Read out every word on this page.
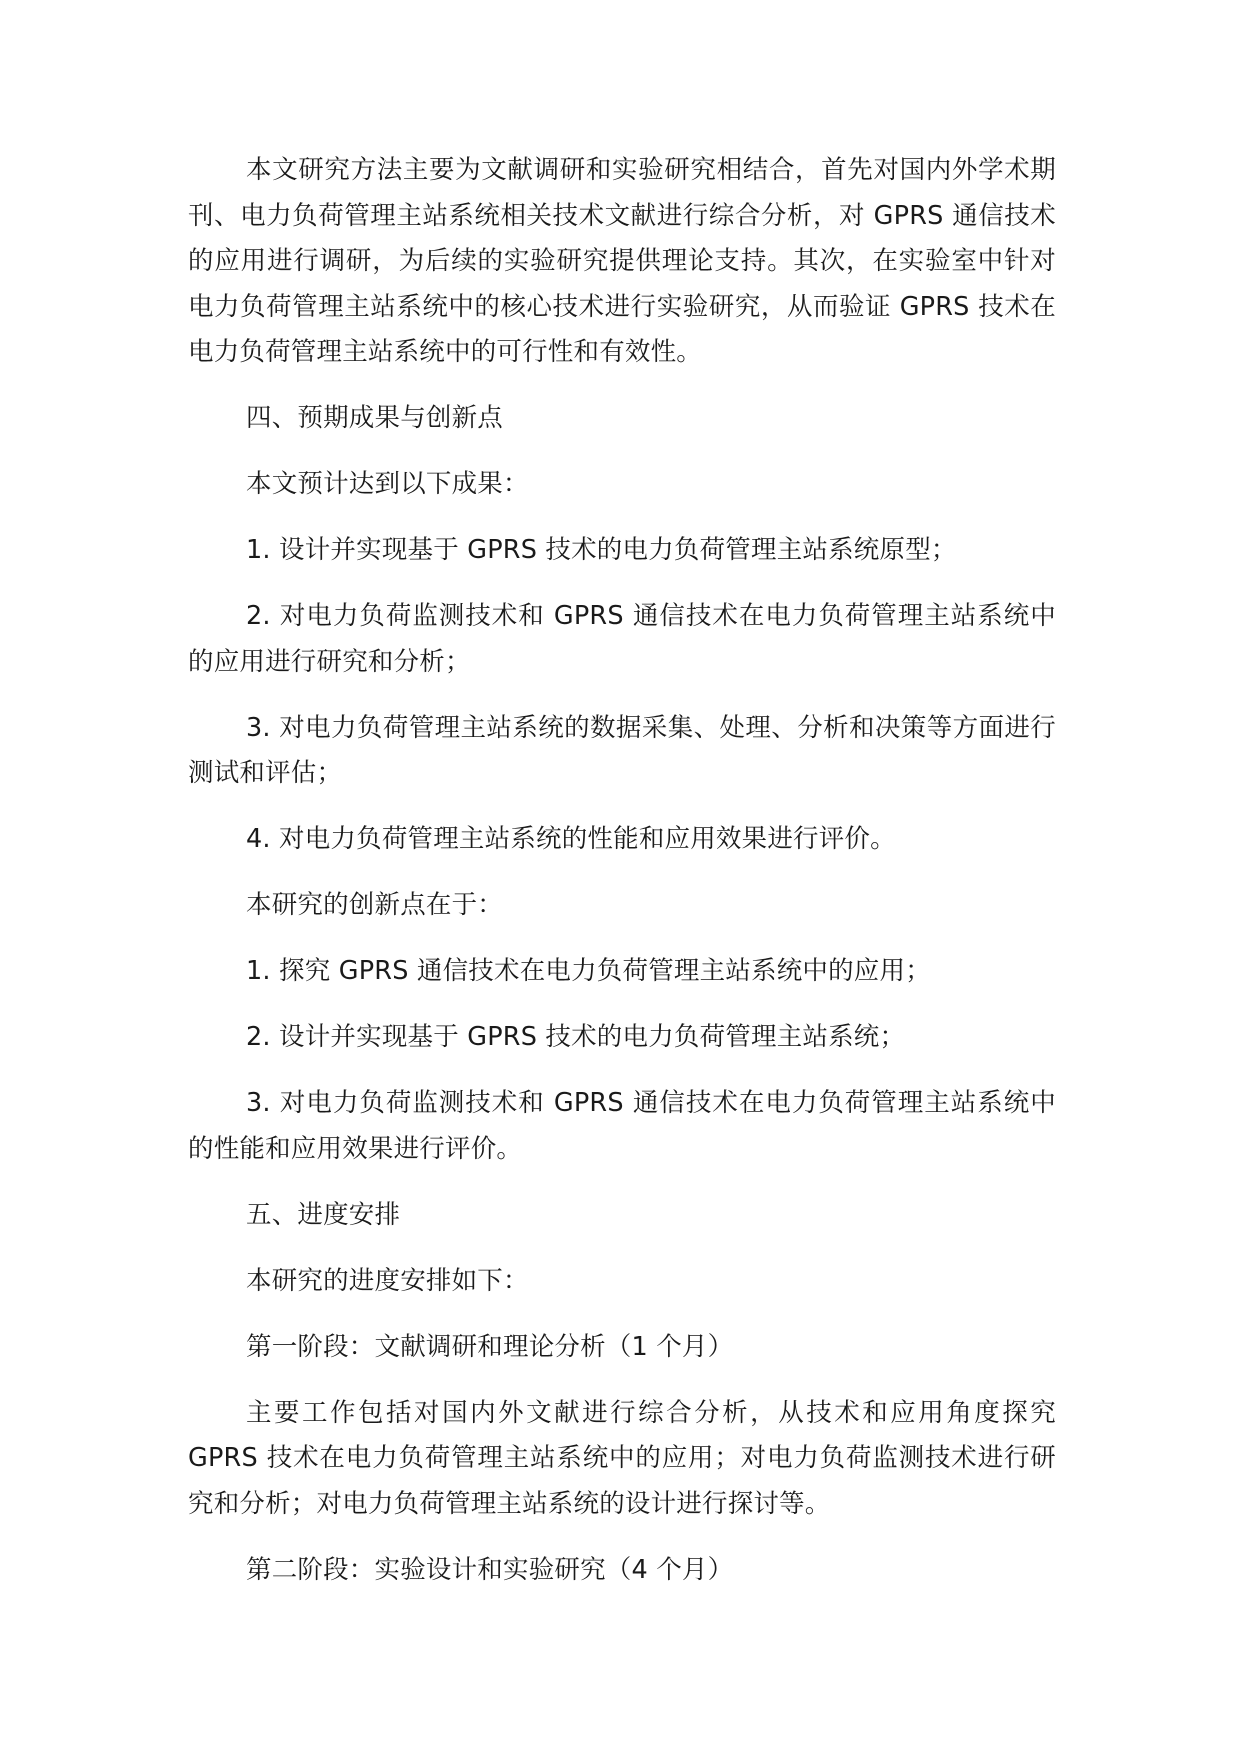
本文研究方法主要为文献调研和实验研究相结合，首先对国内外学术期刊、电力负荷管理主站系统相关技术文献进行综合分析，对 GPRS 通信技术的应用进行调研，为后续的实验研究提供理论支持。其次，在实验室中针对电力负荷管理主站系统中的核心技术进行实验研究，从而验证 GPRS 技术在电力负荷管理主站系统中的可行性和有效性。

四、预期成果与创新点

本文预计达到以下成果：

1. 设计并实现基于 GPRS 技术的电力负荷管理主站系统原型；

2. 对电力负荷监测技术和 GPRS 通信技术在电力负荷管理主站系统中的应用进行研究和分析；

3. 对电力负荷管理主站系统的数据采集、处理、分析和决策等方面进行测试和评估；

4. 对电力负荷管理主站系统的性能和应用效果进行评价。

本研究的创新点在于：

1. 探究 GPRS 通信技术在电力负荷管理主站系统中的应用；

2. 设计并实现基于 GPRS 技术的电力负荷管理主站系统；

3. 对电力负荷监测技术和 GPRS 通信技术在电力负荷管理主站系统中的性能和应用效果进行评价。

五、进度安排

本研究的进度安排如下：

第一阶段：文献调研和理论分析（1 个月）

主要工作包括对国内外文献进行综合分析，从技术和应用角度探究 GPRS 技术在电力负荷管理主站系统中的应用；对电力负荷监测技术进行研究和分析；对电力负荷管理主站系统的设计进行探讨等。

第二阶段：实验设计和实验研究（4 个月）
